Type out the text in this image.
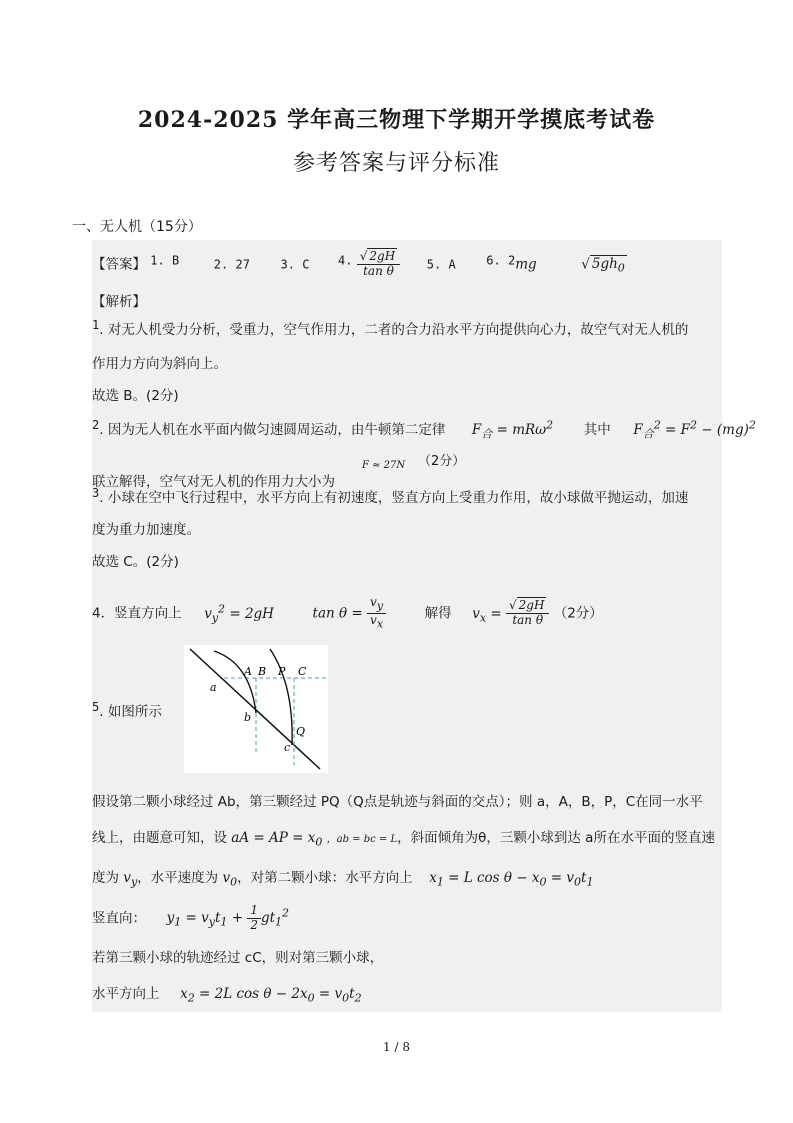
2024-2025 学年高三物理下学期开学摸底考试卷
参考答案与评分标准
一、无人机（15分）
【答案】 1. B	2. 27	3. C 4. $\frac{√ 2gH}{\text{tan θ}} 5$. A	6. 2mg	√ $5gh_0$
【解析】
1. 对无人机受力分析，受重力，空气作用力，二者的合力沿水平方向提供向心力，故空气对无人机的
作用力方向为斜向上。
故选 B。(2分)
2. 因为无人机在水平面内做匀速圆周运动，由牛顿第二定律 $F_合 = mR\omega^2$ 其中 $F_合^2 = F^2 - (mg)^2$
F ≈ 27N （2分）
联立解得，空气对无人机的作用力大小为
3. 小球在空中飞行过程中，水平方向上有初速度，竖直方向上受重力作用，故小球做平抛运动，加速
度为重力加速度。
故选 C。(2分)
4．竖直方向上 $v_y^2 = 2gH$	$\tan \theta = \frac{v_y}{v_x}$	解得 $v_x = \frac{√ 2gH}{\text{tan θ}} (2$分）
A B P C
a
b
Q
c
5. 如图所示
假设第二颗小球经过 Ab，第三颗经过 PQ（Q点是轨迹与斜面的交点）；则 a，A，B，P，C在同一水平
线上，由题意可知，设 aA = AP = $x_0$ ，ab = bc = L，斜面倾角为θ，三颗小球到达 a所在水平面的竖直速
度为 $v_y$，水平速度为 $v_0$，对第二颗小球：水平方向上 $x_1 = L$ $\cos \theta - x_0 = v_0t_1$
竖直向： $y_1 = v_yt_1 + \frac{1}{2} gt_1^2$
若第三颗小球的轨迹经过 cC，则对第三颗小球，
水平方向上 $x_2 = 2L$ $\cos \theta - 2x_0 = v_0t_2$
1 / 8
